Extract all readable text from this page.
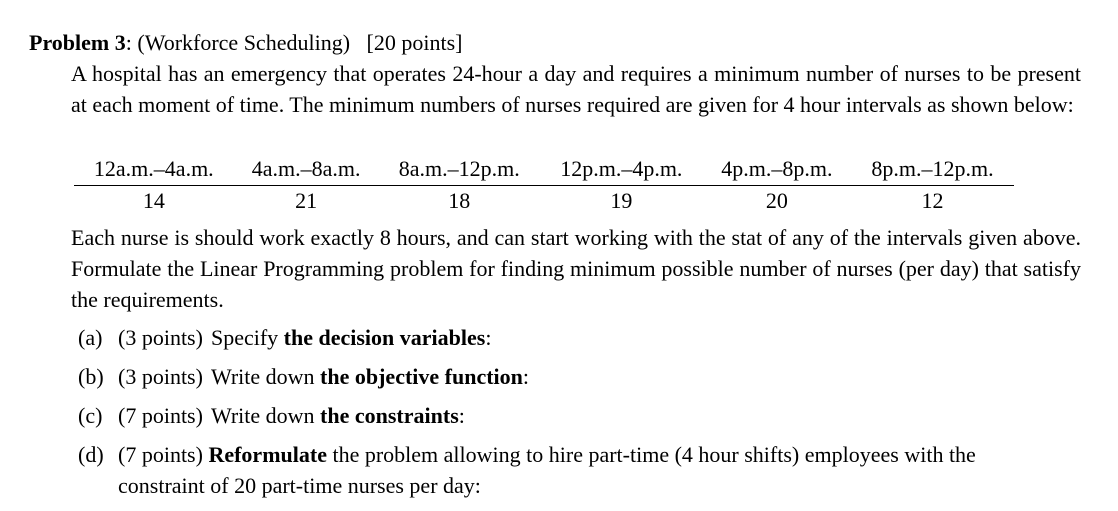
Problem 3: (Workforce Scheduling) [20 points]
A hospital has an emergency that operates 24-hour a day and requires a minimum number of nurses to be present at each moment of time. The minimum numbers of nurses required are given for 4 hour intervals as shown below:
12a.m.–4a.m.	4a.m.–8a.m.	8a.m.–12p.m.	12p.m.–4p.m.	4p.m.–8p.m.	8p.m.–12p.m.
14	21	18	19	20	12
Each nurse is should work exactly 8 hours, and can start working with the stat of any of the intervals given above. Formulate the Linear Programming problem for finding minimum possible number of nurses (per day) that satisfy the requirements.
(a) (3 points) Specify the decision variables:
(b) (3 points) Write down the objective function:
(c) (7 points) Write down the constraints:
(d) (7 points) Reformulate the problem allowing to hire part-time (4 hour shifts) employees with the
constraint of 20 part-time nurses per day:
